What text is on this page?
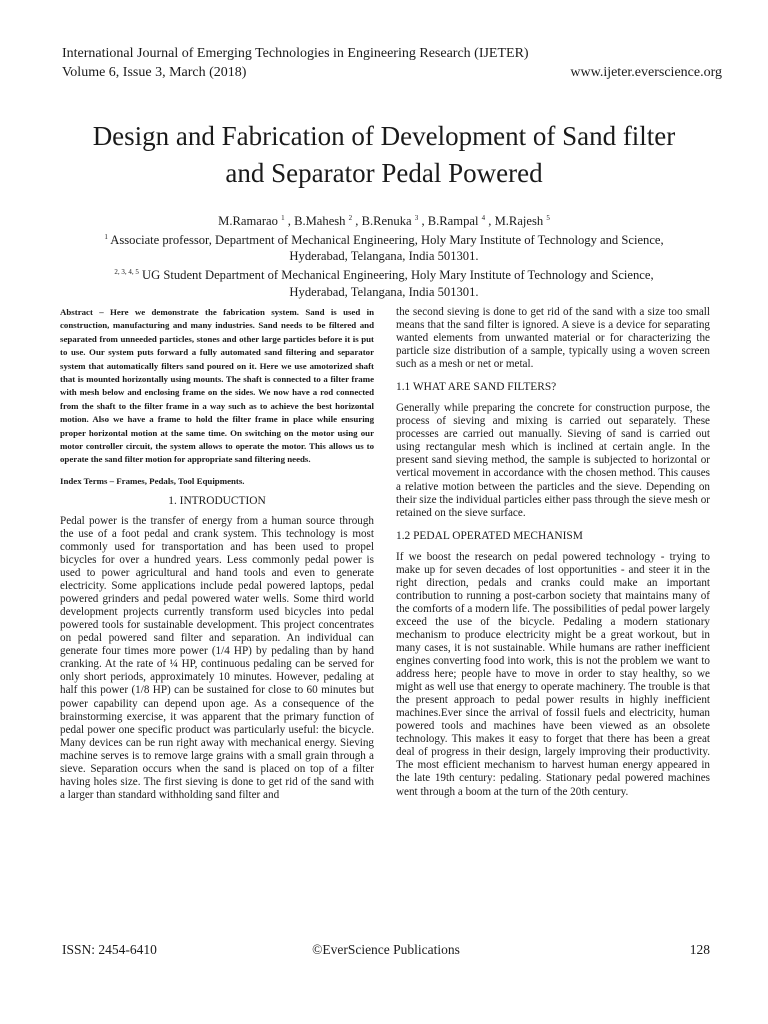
International Journal of Emerging Technologies in Engineering Research (IJETER)
Volume 6, Issue 3, March (2018)	www.ijeter.everscience.org
Design and Fabrication of Development of Sand filter
and Separator Pedal Powered
M.Ramarao $^1$ , B.Mahesh $^2$ , B.Renuka $^3$ , B.Rampal $^4$ , M.Rajesh $^5$
$^1$ Associate professor, Department of Mechanical Engineering, Holy Mary Institute of Technology and Science,
Hyderabad, Telangana, India 501301.
$^{2, 3, 4, 5}$ UG Student Department of Mechanical Engineering, Holy Mary Institute of Technology and Science,
Hyderabad, Telangana, India 501301.

Abstract – Here we demonstrate the fabrication system. Sand is used in construction, manufacturing and many industries. Sand needs to be filtered and separated from unneeded particles, stones and other large particles before it is put to use. Our system puts forward a fully automated sand filtering and separator system that automatically filters sand poured on it. Here we use amotorized shaft that is mounted horizontally using mounts. The shaft is connected to a filter frame with mesh below and enclosing frame on the sides. We now have a rod connected from the shaft to the filter frame in a way such as to achieve the best horizontal motion. Also we have a frame to hold the filter frame in place while ensuring proper horizontal motion at the same time. On switching on the motor using our motor controller circuit, the system allows to operate the motor. This allows us to operate the sand filter motion for appropriate sand filtering needs.

Index Terms – Frames, Pedals, Tool Equipments.

1. INTRODUCTION

Pedal power is the transfer of energy from a human source through the use of a foot pedal and crank system. This technology is most commonly used for transportation and has been used to propel bicycles for over a hundred years. Less commonly pedal power is used to power agricultural and hand tools and even to generate electricity. Some applications include pedal powered laptops, pedal powered grinders and pedal powered water wells. Some third world development projects currently transform used bicycles into pedal powered tools for sustainable development. This project concentrates on pedal powered sand filter and separation. An individual can generate four times more power (1/4 HP) by pedaling than by hand cranking. At the rate of ¼ HP, continuous pedaling can be served for only short periods, approximately 10 minutes. However, pedaling at half this power (1/8 HP) can be sustained for close to 60 minutes but power capability can depend upon age. As a consequence of the brainstorming exercise, it was apparent that the primary function of pedal power one specific product was particularly useful: the bicycle. Many devices can be run right away with mechanical energy. Sieving machine serves is to remove large grains with a small grain through a sieve. Separation occurs when the sand is placed on top of a filter having holes size. The first sieving is done to get rid of the sand with a larger than standard withholding sand filter and

the second sieving is done to get rid of the sand with a size too small means that the sand filter is ignored. A sieve is a device for separating wanted elements from unwanted material or for characterizing the particle size distribution of a sample, typically using a woven screen such as a mesh or net or metal.

1.1 WHAT ARE SAND FILTERS?

Generally while preparing the concrete for construction purpose, the process of sieving and mixing is carried out separately. These processes are carried out manually. Sieving of sand is carried out using rectangular mesh which is inclined at certain angle. In the present sand sieving method, the sample is subjected to horizontal or vertical movement in accordance with the chosen method. This causes a relative motion between the particles and the sieve. Depending on their size the individual particles either pass through the sieve mesh or retained on the sieve surface.

1.2 PEDAL OPERATED MECHANISM

If we boost the research on pedal powered technology - trying to make up for seven decades of lost opportunities - and steer it in the right direction, pedals and cranks could make an important contribution to running a post-carbon society that maintains many of the comforts of a modern life. The possibilities of pedal power largely exceed the use of the bicycle. Pedaling a modern stationary mechanism to produce electricity might be a great workout, but in many cases, it is not sustainable. While humans are rather inefficient engines converting food into work, this is not the problem we want to address here; people have to move in order to stay healthy, so we might as well use that energy to operate machinery. The trouble is that the present approach to pedal power results in highly inefficient machines.Ever since the arrival of fossil fuels and electricity, human powered tools and machines have been viewed as an obsolete technology. This makes it easy to forget that there has been a great deal of progress in their design, largely improving their productivity. The most efficient mechanism to harvest human energy appeared in the late 19th century: pedaling. Stationary pedal powered machines went through a boom at the turn of the 20th century.

ISSN: 2454-6410	©EverScience Publications	128
